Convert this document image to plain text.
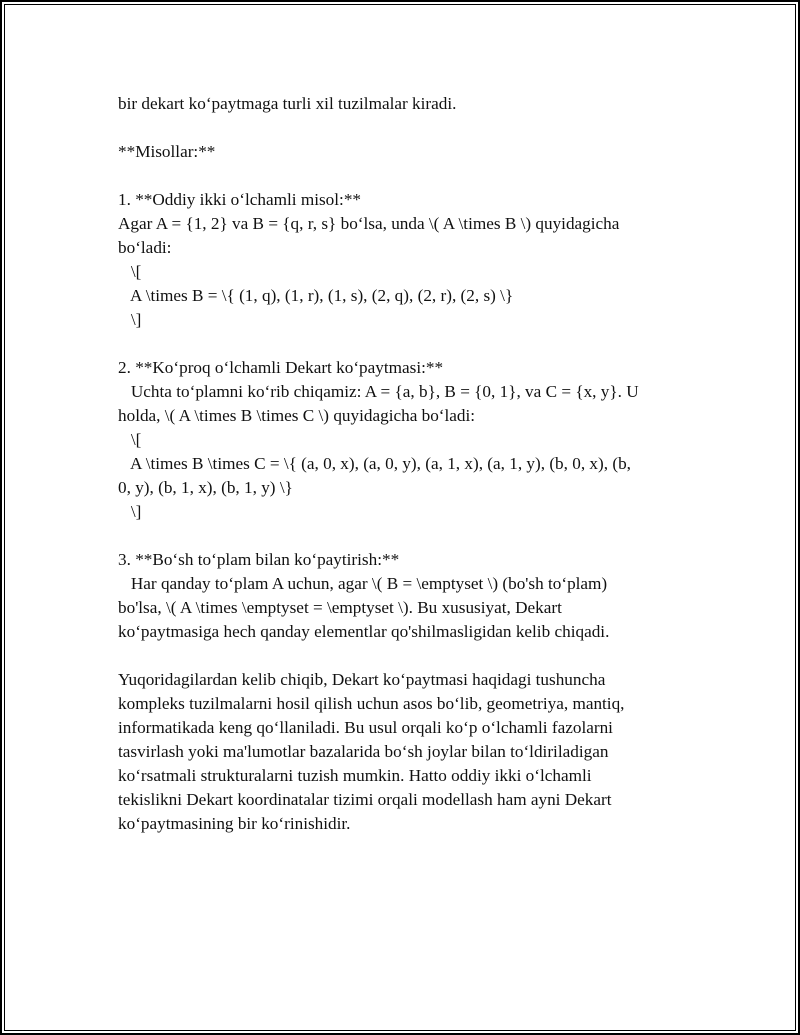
bir dekart ko‘paytmaga turli xil tuzilmalar kiradi.
**Misollar:**
1. **Oddiy ikki o‘lchamli misol:**
Agar A = {1, 2} va B = {q, r, s} bo‘lsa, unda \( A \times B \) quyidagicha
bo‘ladi:
\[
A \times B = \{ (1, q), (1, r), (1, s), (2, q), (2, r), (2, s) \}
\]
2. **Ko‘proq o‘lchamli Dekart ko‘paytmasi:**
Uchta to‘plamni ko‘rib chiqamiz: A = {a, b}, B = {0, 1}, va C = {x, y}. U
holda, \( A \times B \times C \) quyidagicha bo‘ladi:
\[
A \times B \times C = \{ (a, 0, x), (a, 0, y), (a, 1, x), (a, 1, y), (b, 0, x), (b,
0, y), (b, 1, x), (b, 1, y) \}
\]
3. **Bo‘sh to‘plam bilan ko‘paytirish:**
Har qanday to‘plam A uchun, agar \( B = \emptyset \) (bo'sh to‘plam)
bo'lsa, \( A \times \emptyset = \emptyset \). Bu xususiyat, Dekart
ko‘paytmasiga hech qanday elementlar qo'shilmasligidan kelib chiqadi.
Yuqoridagilardan kelib chiqib, Dekart ko‘paytmasi haqidagi tushuncha
kompleks tuzilmalarni hosil qilish uchun asos bo‘lib, geometriya, mantiq,
informatikada keng qo‘llaniladi. Bu usul orqali ko‘p o‘lchamli fazolarni
tasvirlash yoki ma'lumotlar bazalarida bo‘sh joylar bilan to‘ldiriladigan
ko‘rsatmali strukturalarni tuzish mumkin. Hatto oddiy ikki o‘lchamli
tekislikni Dekart koordinatalar tizimi orqali modellash ham ayni Dekart
ko‘paytmasining bir ko‘rinishidir.
